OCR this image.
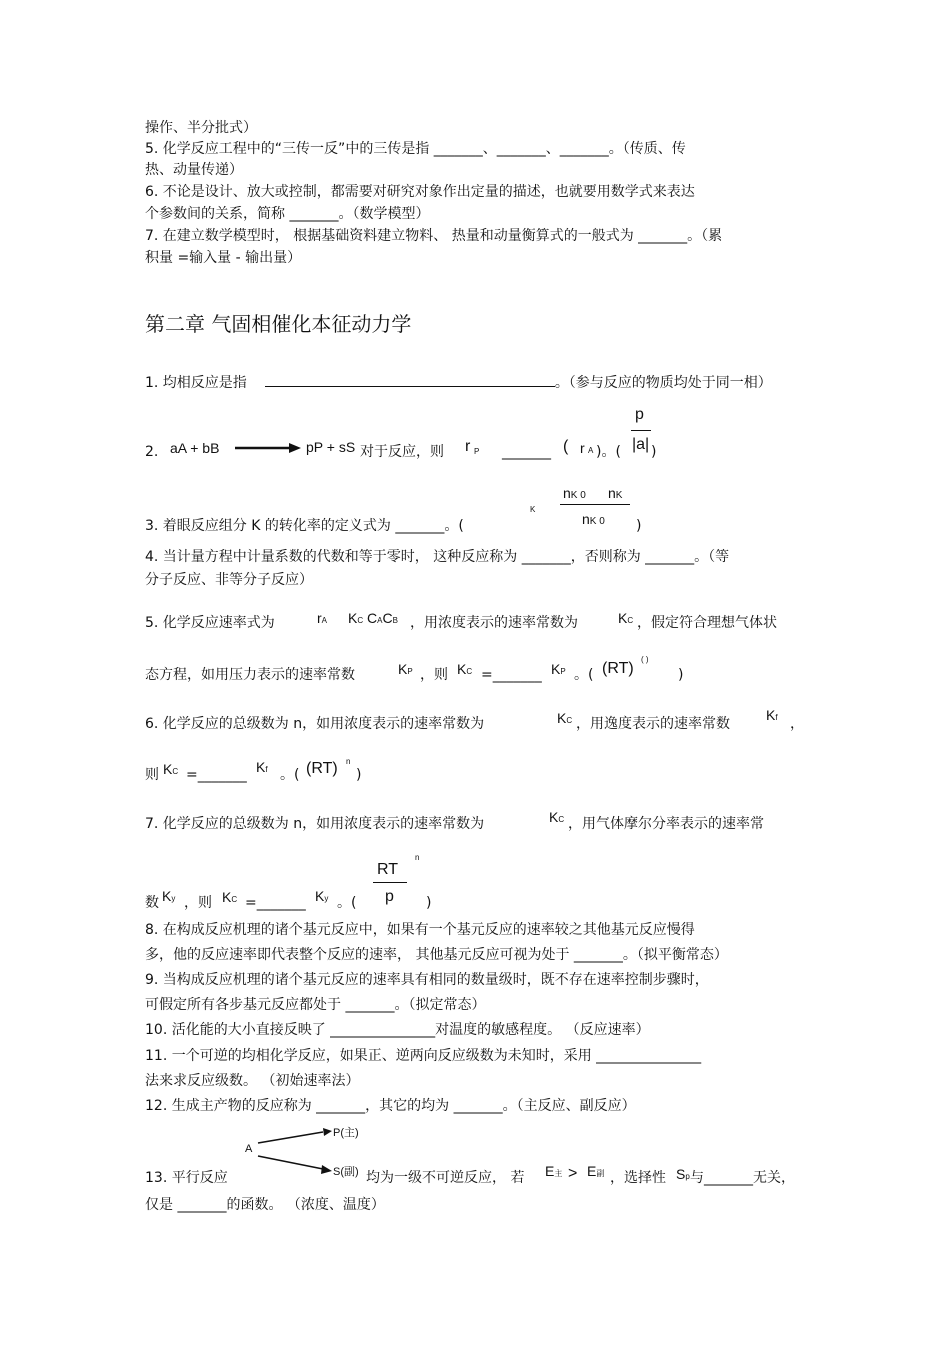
操作、半分批式）
5. 化学反应工程中的“三传一反”中的三传是指 _______、_______、_______。（传质、传
热、动量传递）
6. 不论是设计、放大或控制，都需要对研究对象作出定量的描述，也就要用数学式来表达
个参数间的关系，简称 _______。（数学模型）
7. 在建立数学模型时， 根据基础资料建立物料、 热量和动量衡算式的一般式为 _______。（累
积量 =输入量 - 输出量）
第二章 气固相催化本征动力学
1. 均相反应是指	。（参与反应的物质均处于同一相）
2. aA + bB	pP + sS 对于反应，则 r P _______ ( r A )。(
p
|a| )
3. 着眼反应组分 K 的转化率的定义式为 _______。(
K
nK 0 nK
nK 0 )
4. 当计量方程中计量系数的代数和等于零时， 这种反应称为 _______，否则称为 _______。（等
分子反应、非等分子反应）
5. 化学反应速率式为	rA KC CACB ，用浓度表示的速率常数为	KC ，假定符合理想气体状
态方程，如用压力表示的速率常数	KP ，则 KC =_______ KP 。( (RT)
( )
)
6. 化学反应的总级数为 n，如用浓度表示的速率常数为	KC ，用逸度表示的速率常数
Kf ，
则 KC =_______ Kf 。( (RT) n
)
7. 化学反应的总级数为 n，如用浓度表示的速率常数为	KC ，用气体摩尔分率表示的速率常
n
RT
p
数 Ky ，则 KC =_______ Ky 。(	)
8. 在构成反应机理的诸个基元反应中，如果有一个基元反应的速率较之其他基元反应慢得
多，他的反应速率即代表整个反应的速率， 其他基元反应可视为处于 _______。（拟平衡常态）
9. 当构成反应机理的诸个基元反应的速率具有相同的数量级时，既不存在速率控制步骤时，
可假定所有各步基元反应都处于 _______。（拟定常态）
10. 活化能的大小直接反映了 _______________对温度的敏感程度。 （反应速率）
11. 一个可逆的均相化学反应，如果正、逆两向反应级数为未知时，采用 _______________
法来求反应级数。 （初始速率法）
12. 生成主产物的反应称为 _______，其它的均为 _______。（主反应、副反应）
A
P(主)
S(副)
13. 平行反应	均为一级不可逆反应， 若 E主 > E副 ，选择性 Sp 与_______无关，
仅是 _______的函数。 （浓度、温度）
